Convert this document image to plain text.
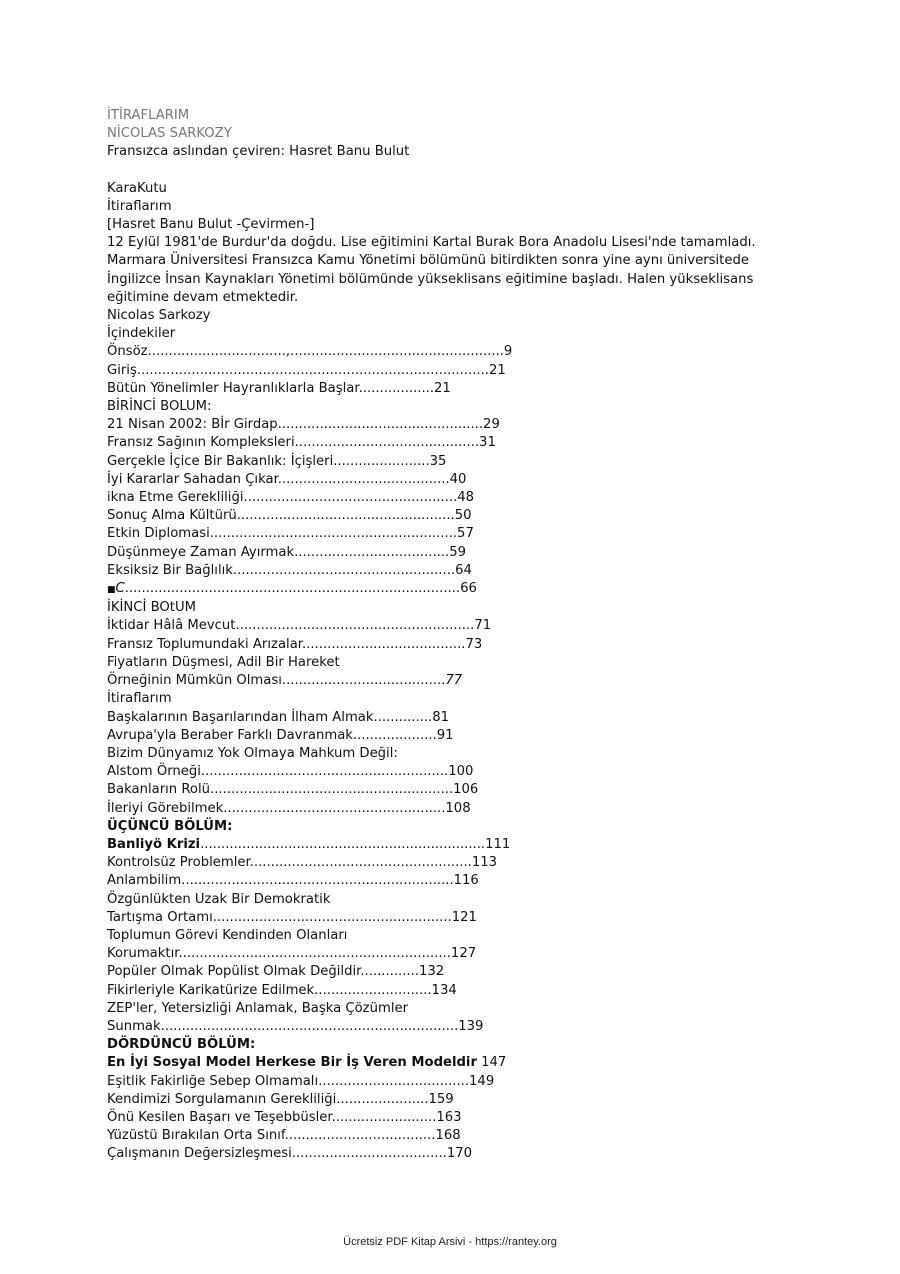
İTİRAFLARIM
NİCOLAS SARKOZY
Fransızca aslından çeviren: Hasret Banu Bulut
KaraKutu
İtiraflarım
[Hasret Banu Bulut -Çevirmen-]
12 Eylül 1981'de Burdur'da doğdu. Lise eğitimini Kartal Burak Bora Anadolu Lisesi'nde tamamladı. Marmara Üniversitesi Fransızca Kamu Yönetimi bölümünü bitirdikten sonra yine aynı üniversitede İngilizce İnsan Kaynakları Yönetimi bölümünde yükseklisans eğitimine başladı. Halen yükseklisans eğitimine devam etmektedir.
Nicolas Sarkozy
İçindekiler
Önsöz.................................,...................................................9
Giriş....................................................................................21
Bütün Yönelimler Hayranlıklarla Başlar..................21
BİRİNCİ BOLUM:
21 Nisan 2002: Bİr Girdap.................................................29
Fransız Sağının Kompleksleri............................................31
Gerçekle İçice Bir Bakanlık: İçişleri.......................35
İyi Kararlar Sahadan Çıkar.........................................40
ikna Etme Gerekliliği...................................................48
Sonuç Alma Kültürü....................................................50
Etkin Diplomasi...........................................................57
Düşünmeye Zaman Ayırmak.....................................59
Eksiksiz Bir Bağlılık.....................................................64
■C................................................................................66
İKİNCİ BOtUM
İktidar Hâlâ Mevcut.........................................................71
Fransız Toplumundaki Arızalar.......................................73
Fiyatların Düşmesi, Adil Bir Hareket
Örneğinin Mümkün Olması.......................................77
İtiraflarım
Başkalarının Başarılarından İlham Almak..............81
Avrupa'yla Beraber Farklı Davranmak....................91
Bizim Dünyamız Yok Olmaya Mahkum Değil:
Alstom Örneği...........................................................100
Bakanların Rolü..........................................................106
İleriyi Görebilmek.....................................................108
ÜÇÜNCÜ BÖLÜM:
Banliyö Krizi....................................................................111
Kontrolsüz Problemler.....................................................113
Anlambilim.................................................................116
Özgünlükten Uzak Bir Demokratik
Tartışma Ortamı.........................................................121
Toplumun Görevi Kendinden Olanları
Korumaktır.................................................................127
Popüler Olmak Popülist Olmak Değildir..............132
Fikirleriyle Karikatürize Edilmek............................134
ZEP'ler, Yetersizliği Anlamak, Başka Çözümler
Sunmak.......................................................................139
DÖRDÜNCÜ BÖLÜM:
En İyi Sosyal Model Herkese Bir İş Veren Modeldir 147
Eşitlik Fakirliğe Sebep Olmamalı....................................149
Kendimizi Sorgulamanın Gerekliliği......................159
Önü Kesilen Başarı ve Teşebbüsler.........................163
Yüzüstü Bırakılan Orta Sınıf....................................168
Çalışmanın Değersizleşmesi.....................................170
Ücretsiz PDF Kitap Arsivi - https://rantey.org
